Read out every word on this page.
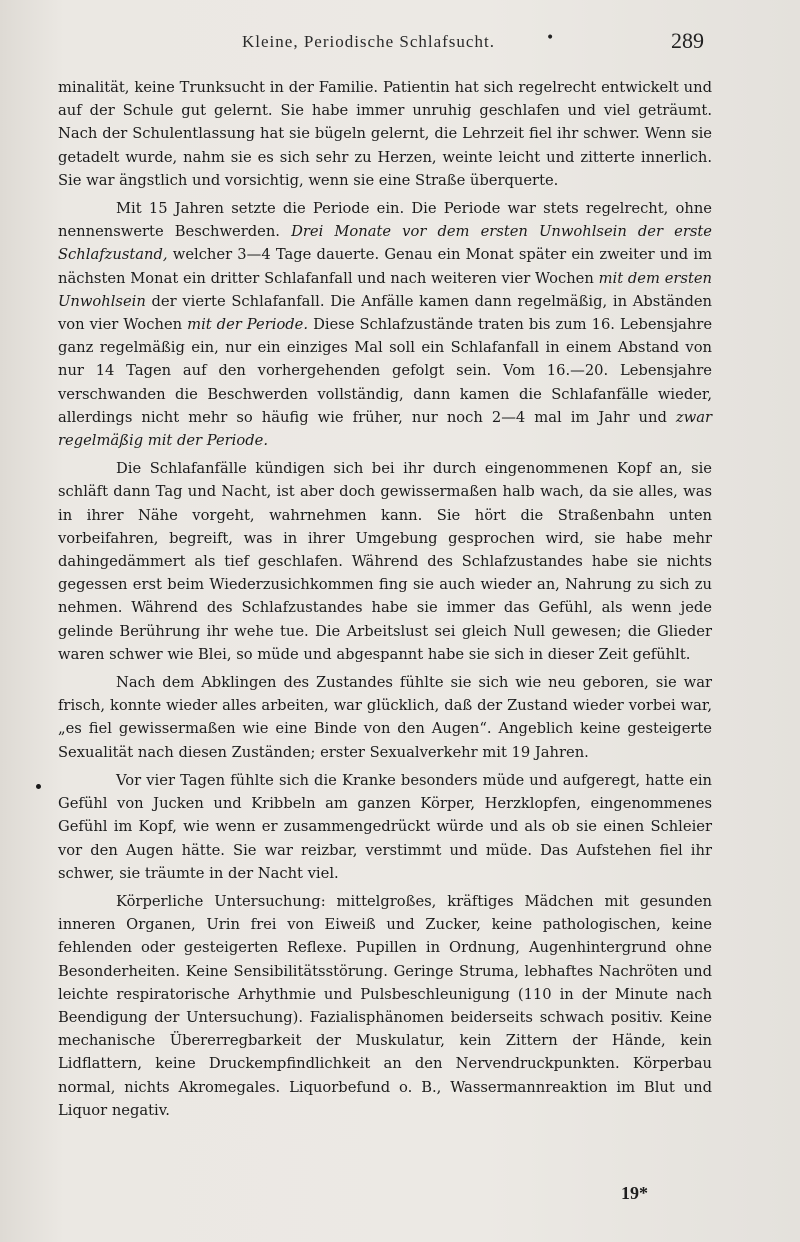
Kleine, Periodische Schlafsucht.	•	289

minalität, keine Trunksucht in der Familie. Patientin hat sich regelrecht entwickelt und auf der Schule gut gelernt. Sie habe immer unruhig geschlafen und viel geträumt. Nach der Schulentlassung hat sie bügeln gelernt, die Lehrzeit fiel ihr schwer. Wenn sie getadelt wurde, nahm sie es sich sehr zu Herzen, weinte leicht und zitterte innerlich. Sie war ängstlich und vorsichtig, wenn sie eine Straße überquerte.

Mit 15 Jahren setzte die Periode ein. Die Periode war stets regelrecht, ohne nennenswerte Beschwerden. Drei Monate vor dem ersten Unwohlsein der erste Schlafzustand, welcher 3—4 Tage dauerte. Genau ein Monat später ein zweiter und im nächsten Monat ein dritter Schlafanfall und nach weiteren vier Wochen mit dem ersten Unwohlsein der vierte Schlafanfall. Die Anfälle kamen dann regelmäßig, in Abständen von vier Wochen mit der Periode. Diese Schlafzustände traten bis zum 16. Lebensjahre ganz regelmäßig ein, nur ein einziges Mal soll ein Schlafanfall in einem Abstand von nur 14 Tagen auf den vorhergehenden gefolgt sein. Vom 16.—20. Lebensjahre verschwanden die Beschwerden vollständig, dann kamen die Schlafanfälle wieder, allerdings nicht mehr so häufig wie früher, nur noch 2—4 mal im Jahr und zwar regelmäßig mit der Periode.

Die Schlafanfälle kündigen sich bei ihr durch eingenommenen Kopf an, sie schläft dann Tag und Nacht, ist aber doch gewissermaßen halb wach, da sie alles, was in ihrer Nähe vorgeht, wahrnehmen kann. Sie hört die Straßenbahn unten vorbeifahren, begreift, was in ihrer Umgebung gesprochen wird, sie habe mehr dahingedämmert als tief geschlafen. Während des Schlafzustandes habe sie nichts gegessen erst beim Wiederzusichkommen fing sie auch wieder an, Nahrung zu sich zu nehmen. Während des Schlafzustandes habe sie immer das Gefühl, als wenn jede gelinde Berührung ihr wehe tue. Die Arbeitslust sei gleich Null gewesen; die Glieder waren schwer wie Blei, so müde und abgespannt habe sie sich in dieser Zeit gefühlt.

Nach dem Abklingen des Zustandes fühlte sie sich wie neu geboren, sie war frisch, konnte wieder alles arbeiten, war glücklich, daß der Zustand wieder vorbei war, „es fiel gewissermaßen wie eine Binde von den Augen“. Angeblich keine gesteigerte Sexualität nach diesen Zuständen; erster Sexualverkehr mit 19 Jahren.

Vor vier Tagen fühlte sich die Kranke besonders müde und aufgeregt, hatte ein Gefühl von Jucken und Kribbeln am ganzen Körper, Herzklopfen, eingenommenes Gefühl im Kopf, wie wenn er zusammengedrückt würde und als ob sie einen Schleier vor den Augen hätte. Sie war reizbar, verstimmt und müde. Das Aufstehen fiel ihr schwer, sie träumte in der Nacht viel.

Körperliche Untersuchung: mittelgroßes, kräftiges Mädchen mit gesunden inneren Organen, Urin frei von Eiweiß und Zucker, keine pathologischen, keine fehlenden oder gesteigerten Reflexe. Pupillen in Ordnung, Augenhintergrund ohne Besonderheiten. Keine Sensibilitätsstörung. Geringe Struma, lebhaftes Nachröten und leichte respiratorische Arhythmie und Pulsbeschleunigung (110 in der Minute nach Beendigung der Untersuchung). Fazialisphänomen beiderseits schwach positiv. Keine mechanische Übererregbarkeit der Muskulatur, kein Zittern der Hände, kein Lidflattern, keine Druckempfindlichkeit an den Nervendruckpunkten. Körperbau normal, nichts Akromegales. Liquorbefund o. B., Wassermannreaktion im Blut und Liquor negativ.

19*
